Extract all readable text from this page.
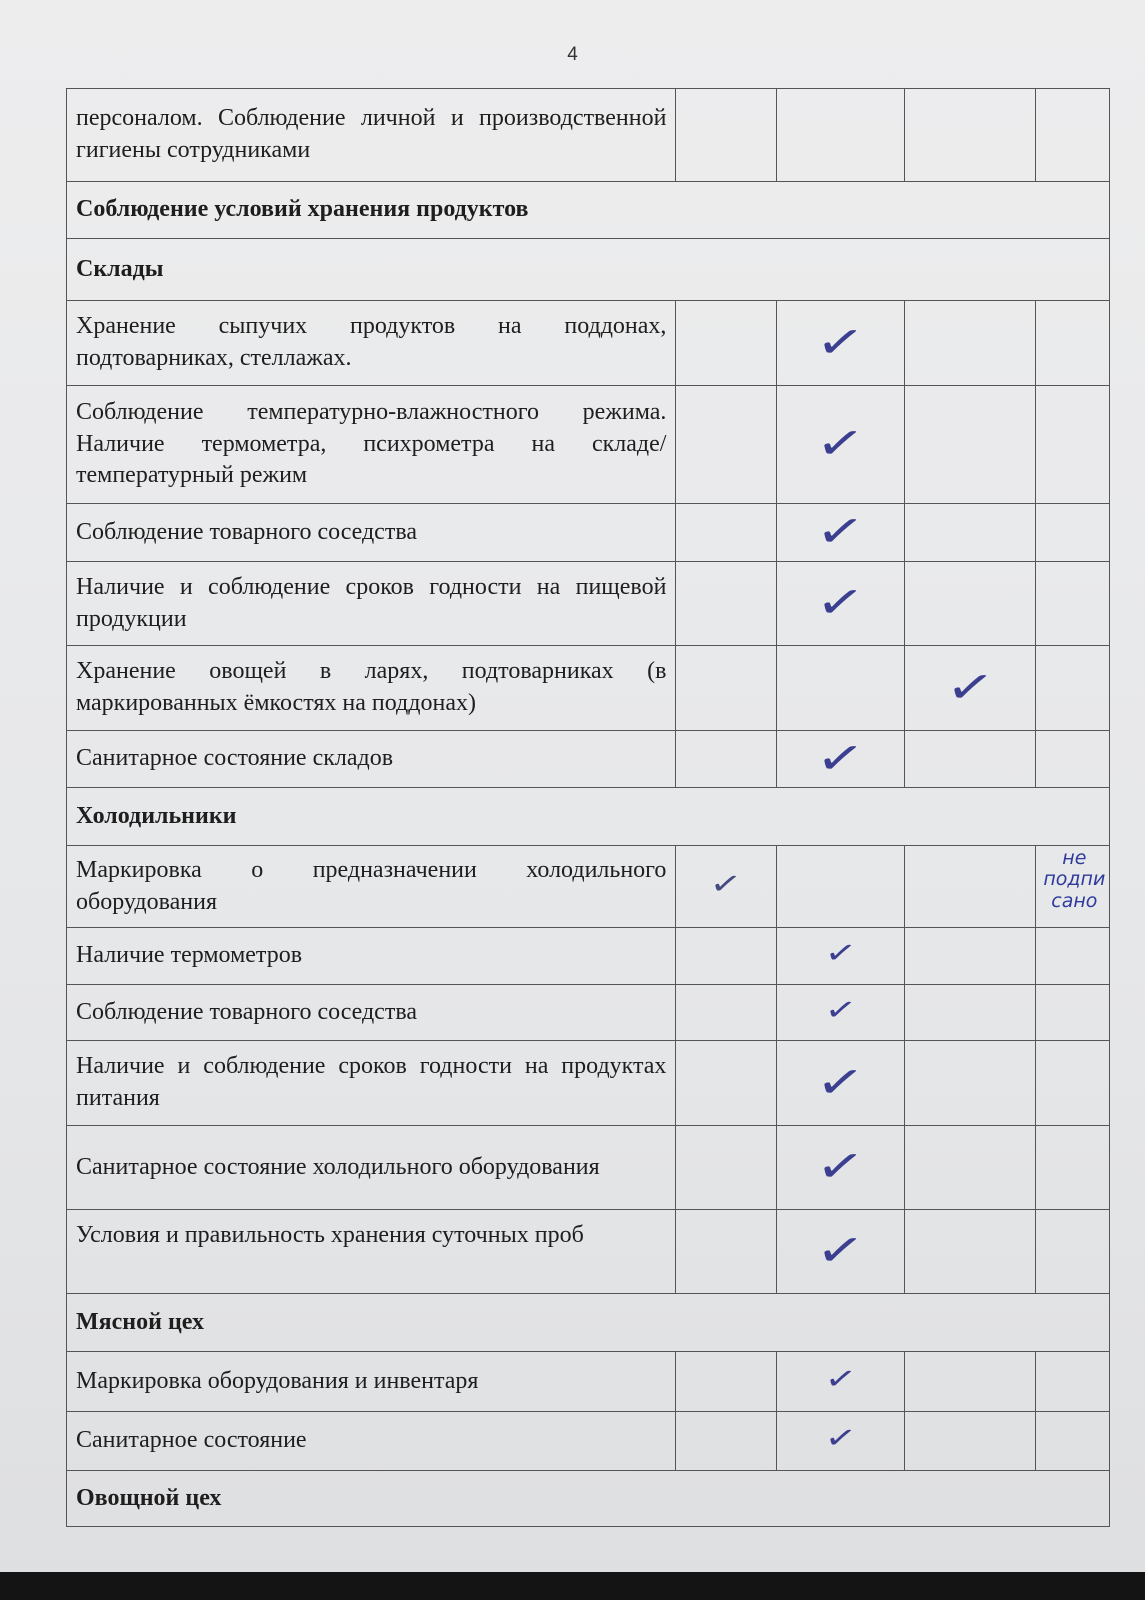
4
персоналом. Соблюдение личной и производственной гигиены сотрудниками				
Соблюдение условий хранения продуктов				
Склады				
Хранение сыпучих продуктов на поддонах, подтоварниках, стеллажах.		✓		
Соблюдение температурно-влажностного режима. Наличие термометра, психрометра на складе/температурный режим		✓		
Соблюдение товарного соседства		✓		
Наличие и соблюдение сроков годности на пищевой продукции		✓		
Хранение овощей в ларях, подтоварниках (в маркированных ёмкостях на поддонах)			✓	
Санитарное состояние складов		✓		
Холодильники				
Маркировка о предназначении холодильного оборудования	✓			не
подпи
сано

Наличие термометров		✓		
Соблюдение товарного соседства		✓		
Наличие и соблюдение сроков годности на продуктах питания		✓		
Санитарное состояние холодильного оборудования		✓		
Условия и правильность хранения суточных проб		✓		
Мясной цех				
Маркировка оборудования и инвентаря		✓		
Санитарное состояние		✓		
Овощной цех				
